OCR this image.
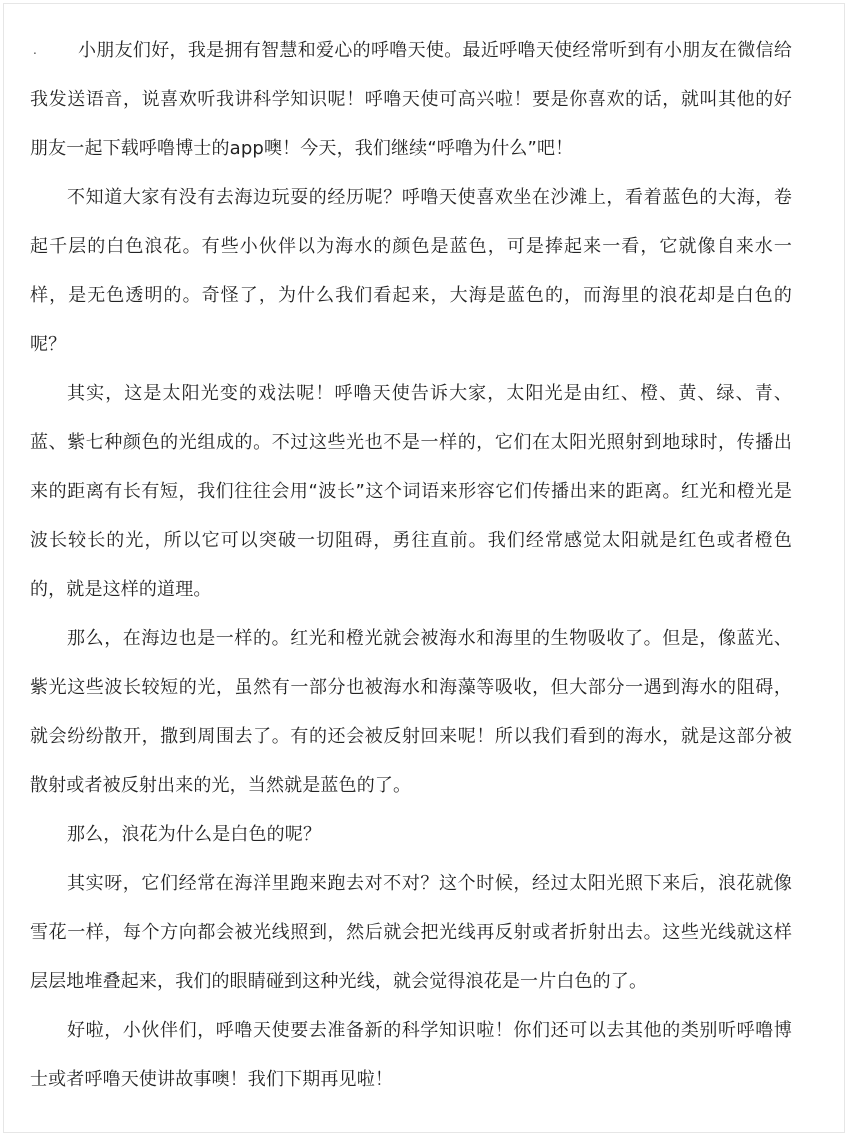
.	小朋友们好，我是拥有智慧和爱心的呼噜天使。最近呼噜天使经常听到有小朋友在微信给我发送语音，说喜欢听我讲科学知识呢！呼噜天使可高兴啦！要是你喜欢的话，就叫其他的好朋友一起下载呼噜博士的app噢！今天，我们继续“呼噜为什么”吧！

不知道大家有没有去海边玩耍的经历呢？呼噜天使喜欢坐在沙滩上，看着蓝色的大海，卷起千层的白色浪花。有些小伙伴以为海水的颜色是蓝色，可是捧起来一看，它就像自来水一样，是无色透明的。奇怪了，为什么我们看起来，大海是蓝色的，而海里的浪花却是白色的呢？

其实，这是太阳光变的戏法呢！呼噜天使告诉大家，太阳光是由红、橙、黄、绿、青、蓝、紫七种颜色的光组成的。不过这些光也不是一样的，它们在太阳光照射到地球时，传播出来的距离有长有短，我们往往会用“波长”这个词语来形容它们传播出来的距离。红光和橙光是波长较长的光，所以它可以突破一切阻碍，勇往直前。我们经常感觉太阳就是红色或者橙色的，就是这样的道理。

那么，在海边也是一样的。红光和橙光就会被海水和海里的生物吸收了。但是，像蓝光、紫光这些波长较短的光，虽然有一部分也被海水和海藻等吸收，但大部分一遇到海水的阻碍，就会纷纷散开，撒到周围去了。有的还会被反射回来呢！所以我们看到的海水，就是这部分被散射或者被反射出来的光，当然就是蓝色的了。

那么，浪花为什么是白色的呢？

其实呀，它们经常在海洋里跑来跑去对不对？这个时候，经过太阳光照下来后，浪花就像雪花一样，每个方向都会被光线照到，然后就会把光线再反射或者折射出去。这些光线就这样层层地堆叠起来，我们的眼睛碰到这种光线，就会觉得浪花是一片白色的了。

好啦，小伙伴们，呼噜天使要去准备新的科学知识啦！你们还可以去其他的类别听呼噜博士或者呼噜天使讲故事噢！我们下期再见啦！
